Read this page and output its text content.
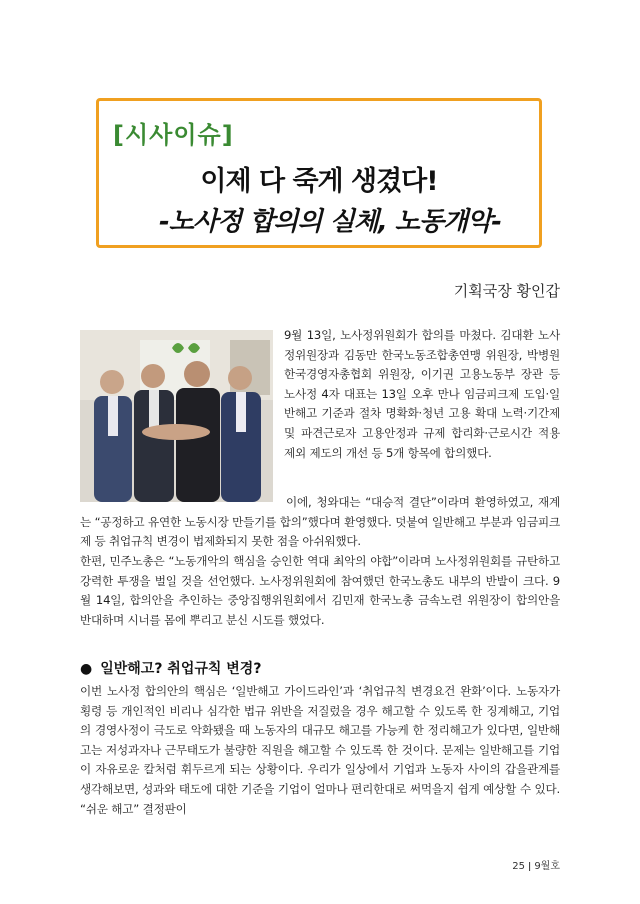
[시사이슈]
이제 다 죽게 생겼다!
-노사정 합의의 실체, 노동개악-
기획국장 황인갑
9월 13일, 노사정위원회가 합의를 마쳤다. 김대환 노사정위원장과 김동만 한국노동조합총연맹 위원장, 박병원 한국경영자총협회 위원장, 이기권 고용노동부 장관 등 노사정 4자 대표는 13일 오후 만나 임금피크제 도입·일반해고 기준과 절차 명확화·청년 고용 확대 노력·기간제 및 파견근로자 고용안정과 규제 합리화·근로시간 적용 제외 제도의 개선 등 5개 항목에 합의했다.
이에, 청와대는 “대승적 결단”이라며 환영하였고, 재계는 “공정하고 유연한 노동시장 만들기를 합의”했다며 환영했다. 덧붙여 일반해고 부분과 임금피크제 등 취업규칙 변경이 법제화되지 못한 점을 아쉬워했다.
한편, 민주노총은 “노동개악의 핵심을 승인한 역대 최악의 야합”이라며 노사정위원회를 규탄하고 강력한 투쟁을 벌일 것을 선언했다. 노사정위원회에 참여했던 한국노총도 내부의 반발이 크다. 9월 14일, 합의안을 추인하는 중앙집행위원회에서 김민재 한국노총 금속노련 위원장이 합의안을 반대하며 시너를 몸에 뿌리고 분신 시도를 했었다.
● 일반해고? 취업규칙 변경?
이번 노사정 합의안의 핵심은 ‘일반해고 가이드라인’과 ‘취업규칙 변경요건 완화’이다. 노동자가 횡령 등 개인적인 비리나 심각한 법규 위반을 저질렀을 경우 해고할 수 있도록 한 징계해고, 기업의 경영사정이 극도로 악화됐을 때 노동자의 대규모 해고를 가능케 한 정리해고가 있다면, 일반해고는 저성과자나 근무태도가 불량한 직원을 해고할 수 있도록 한 것이다. 문제는 일반해고를 기업이 자유로운 칼처럼 휘두르게 되는 상황이다. 우리가 일상에서 기업과 노동자 사이의 갑을관계를 생각해보면, 성과와 태도에 대한 기준을 기업이 얼마나 편리한대로 써먹을지 쉽게 예상할 수 있다. “쉬운 해고” 결정판이
25 ǀ 9월호
